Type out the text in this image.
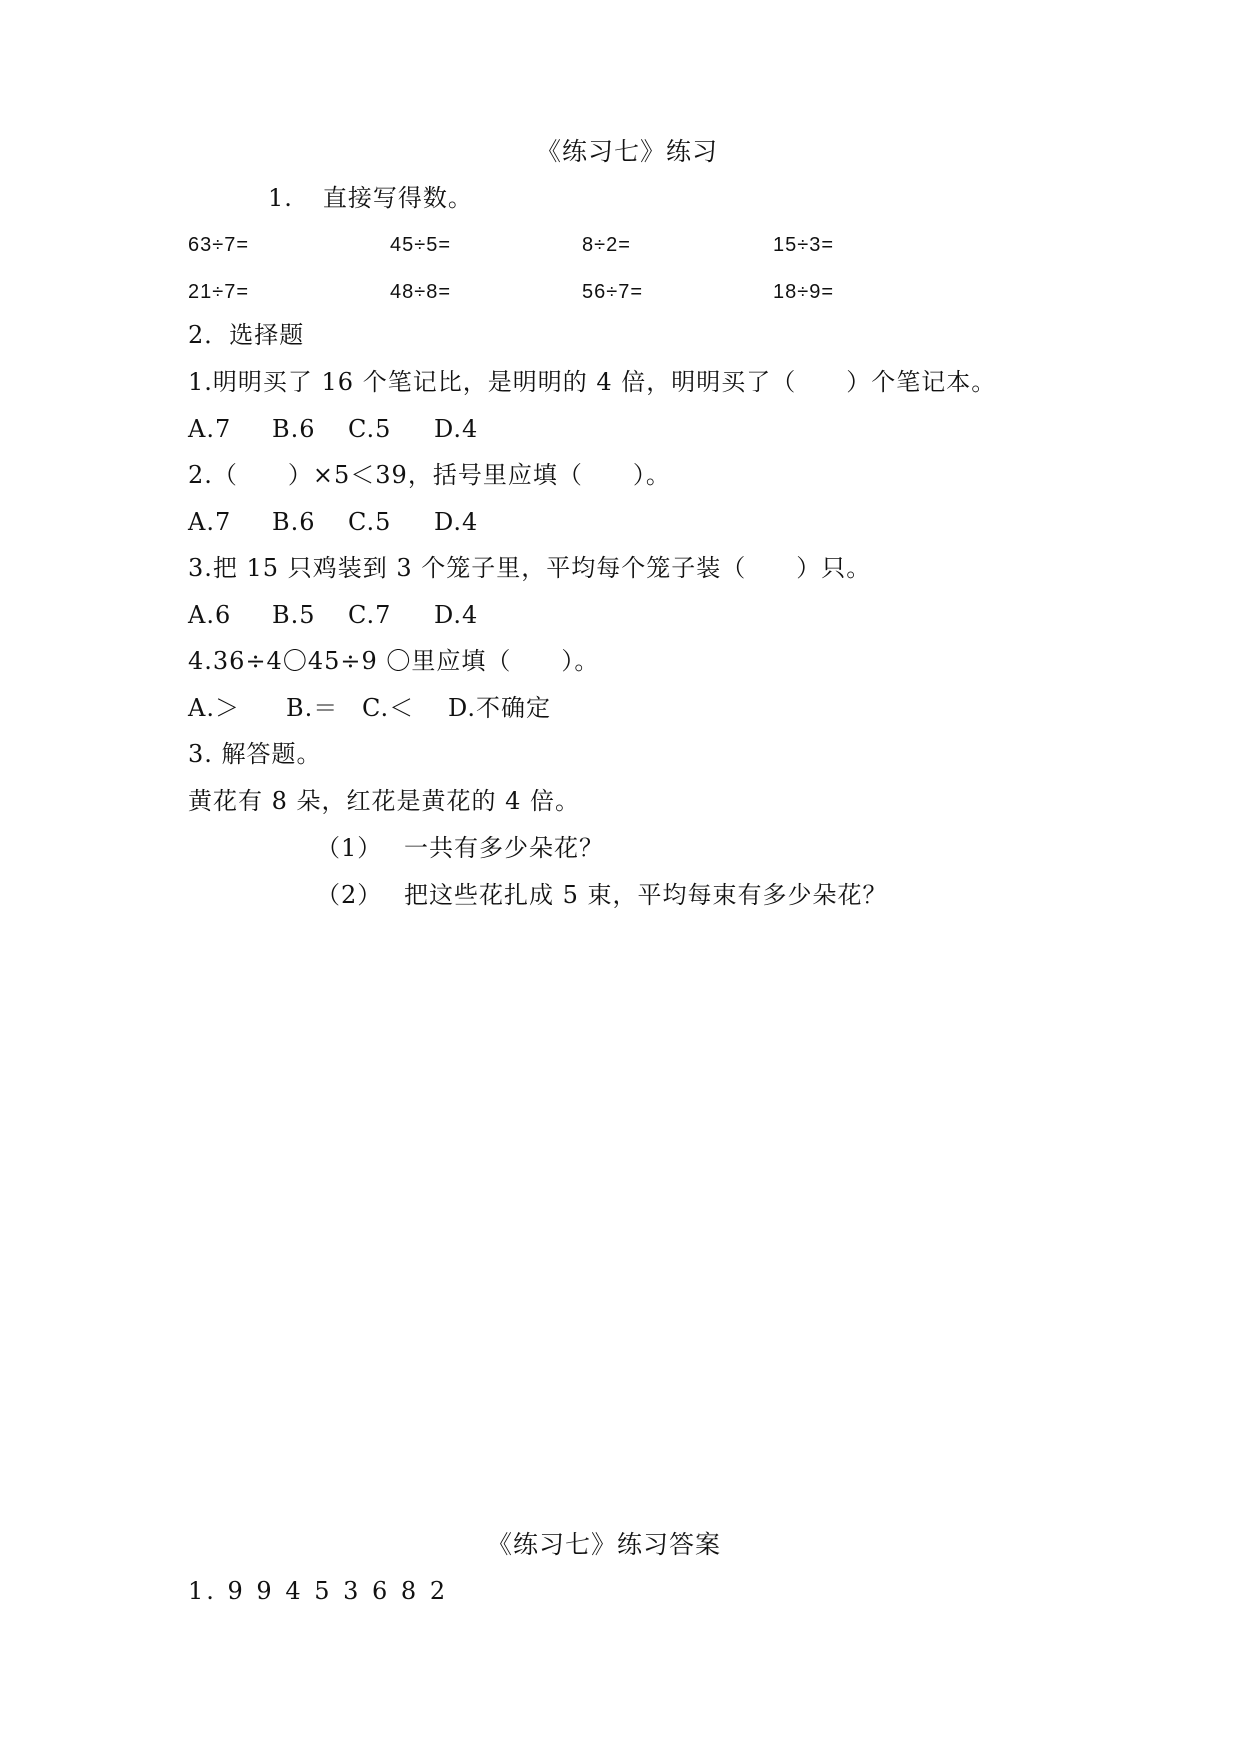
《练习七》练习
1. 直接写得数。
63÷7=	45÷5=	8÷2=	15÷3=
21÷7=	48÷8=	56÷7=	18÷9=
2．选择题
1.明明买了 16 个笔记比，是明明的 4 倍，明明买了（　　）个笔记本。
A.7 B.6 C.5 D.4
2.（　　）×5＜39，括号里应填（　　）。
A.7 B.6 C.5 D.4
3.把 15 只鸡装到 3 个笼子里，平均每个笼子装（　　）只。
A.6 B.5 C.7 D.4
4.36÷4〇45÷9 〇里应填（　　）。
A.＞ B.＝ C.＜ D.不确定
3. 解答题。
黄花有 8 朵，红花是黄花的 4 倍。
（1） 一共有多少朵花？
（2） 把这些花扎成 5 束，平均每束有多少朵花？
《练习七》练习答案
1. 9 9 4 5 3 6 8 2
